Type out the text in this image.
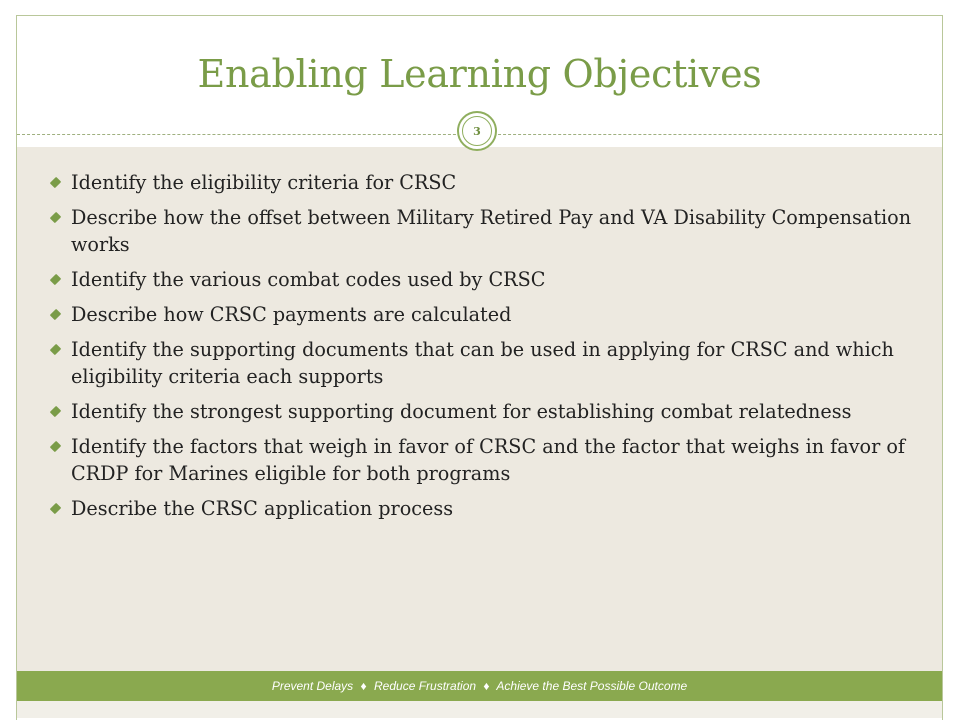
Enabling Learning Objectives
Identify the eligibility criteria for CRSC
Describe how the offset between Military Retired Pay and VA Disability Compensation works
Identify the various combat codes used by CRSC
Describe how CRSC payments are calculated
Identify the supporting documents that can be used in applying for CRSC and which eligibility criteria each supports
Identify the strongest supporting document for establishing combat relatedness
Identify the factors that weigh in favor of CRSC and the factor that weighs in favor of CRDP for Marines eligible for both programs
Describe the CRSC application process
3
Prevent Delays ♦ Reduce Frustration ♦ Achieve the Best Possible Outcome
